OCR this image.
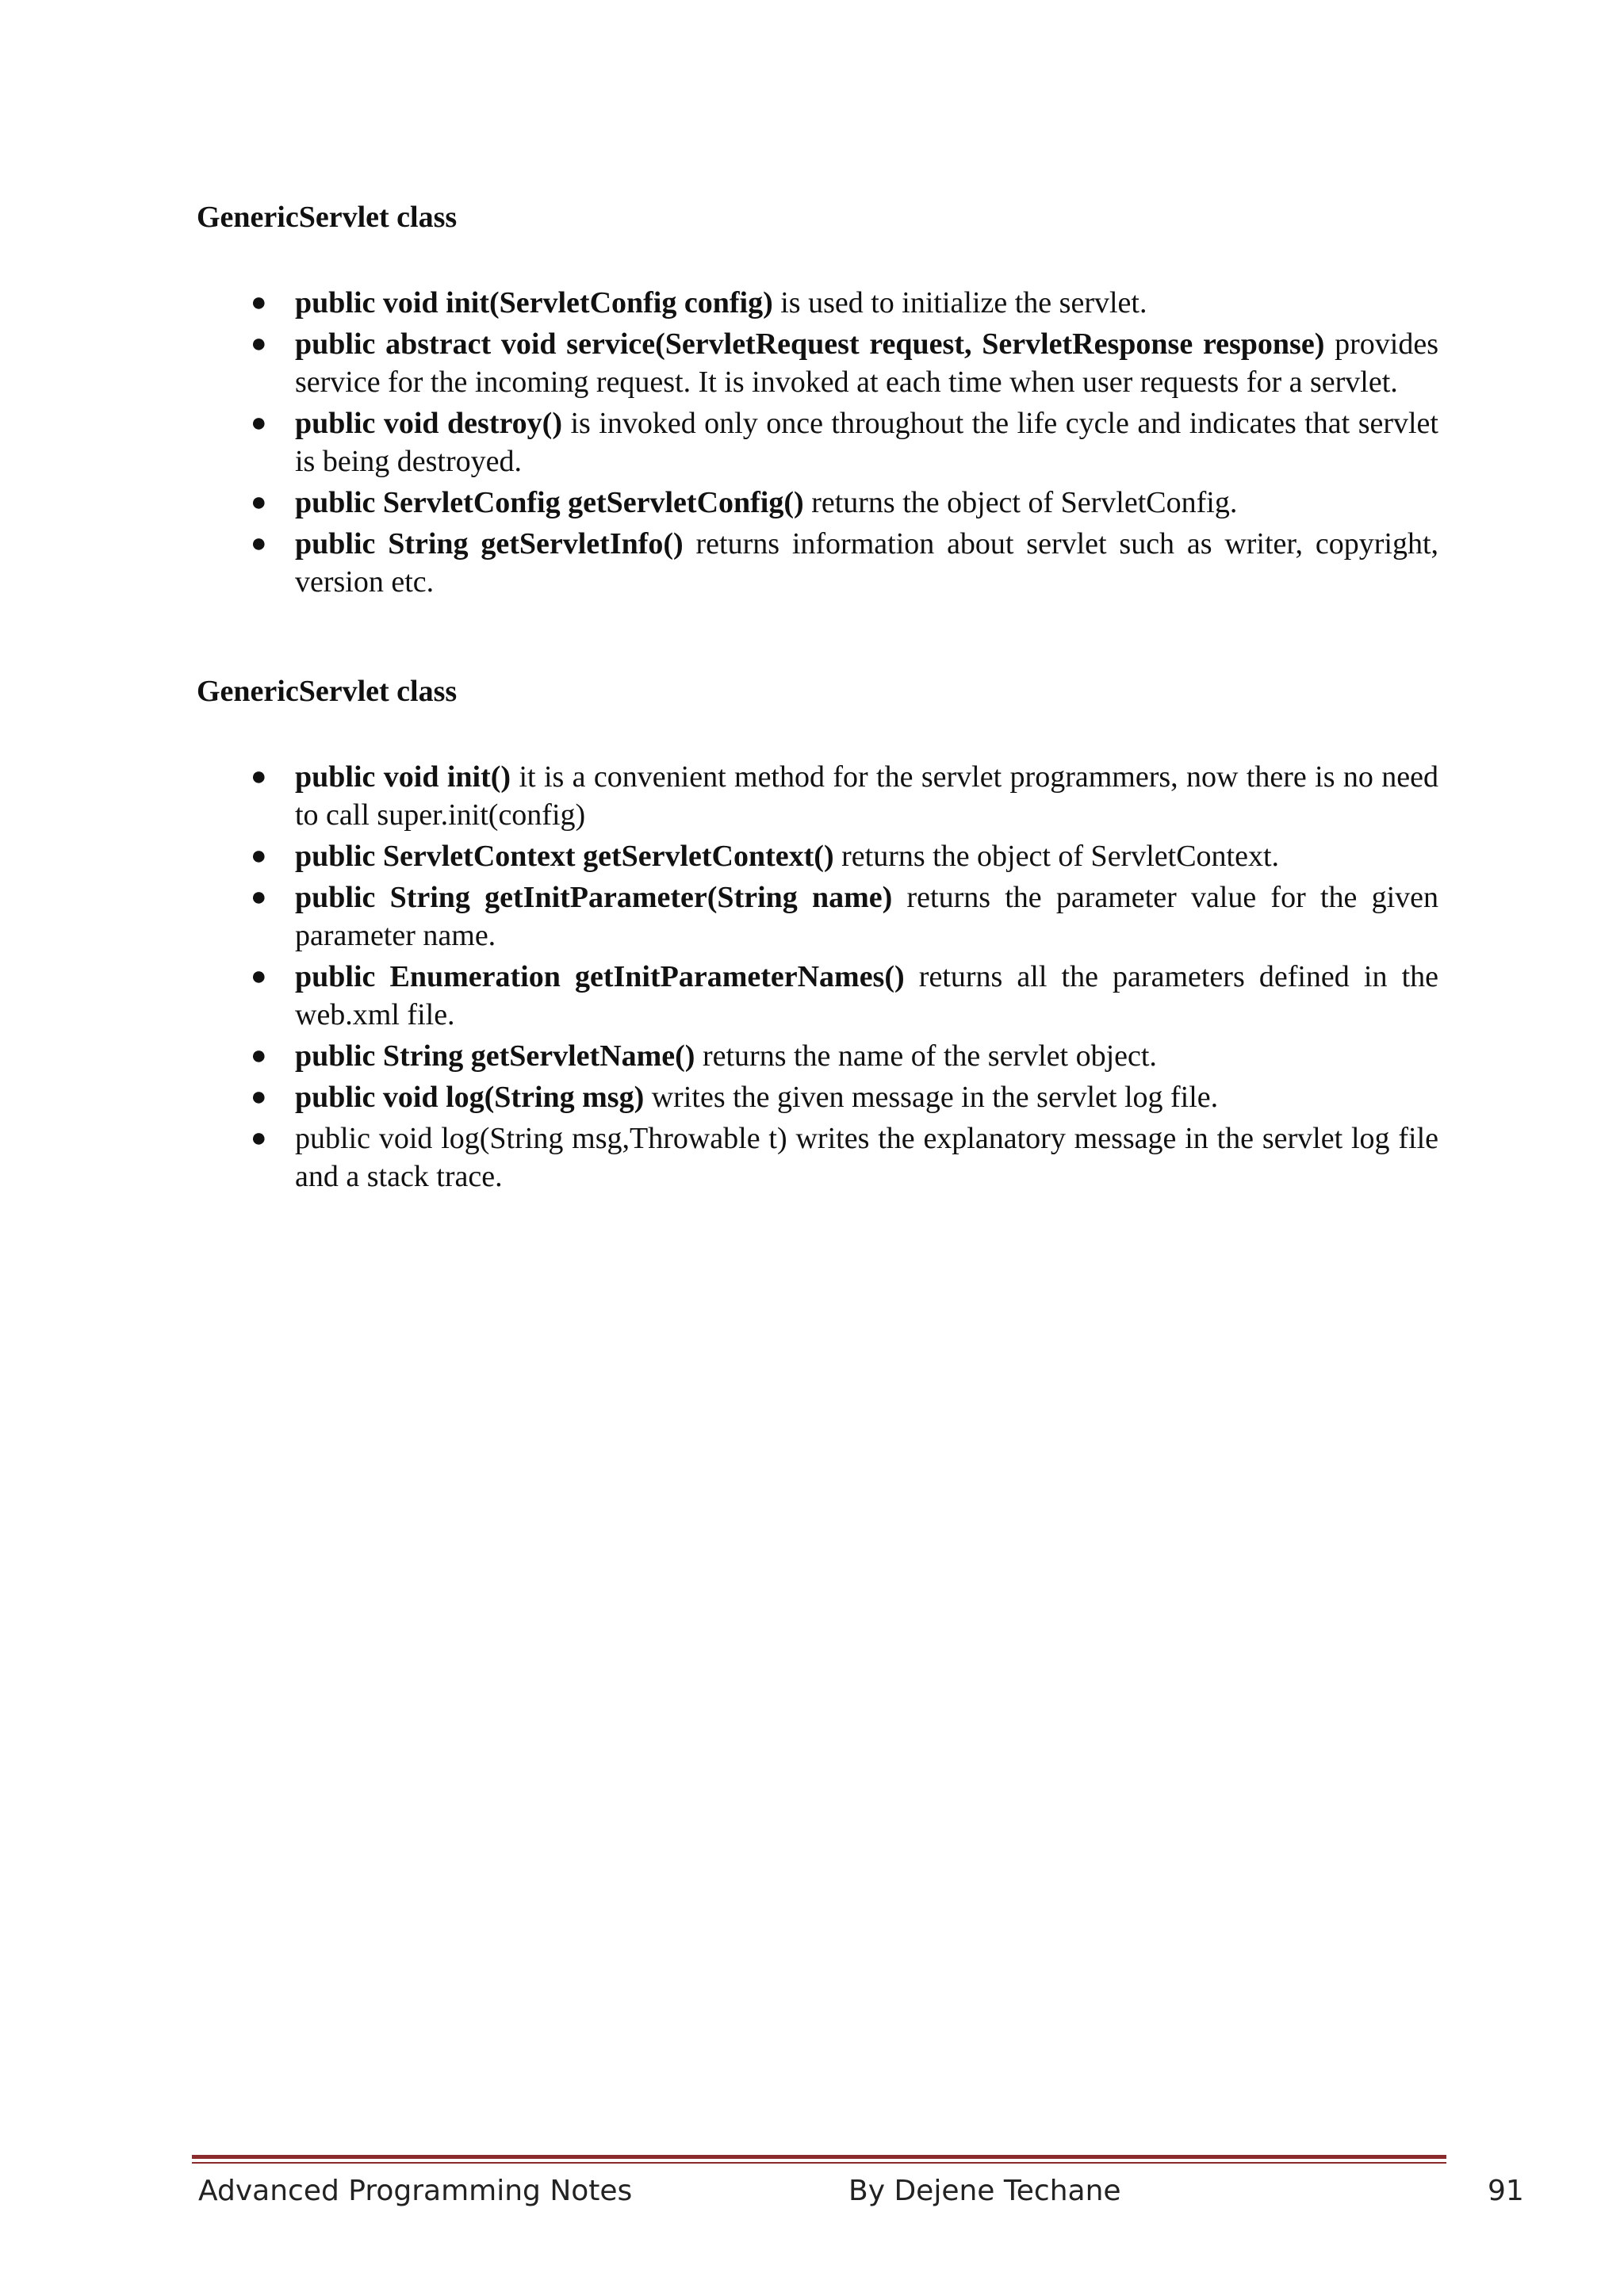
GenericServlet class
● public void init(ServletConfig config) is used to initialize the servlet.
● public abstract void service(ServletRequest request, ServletResponse response) provides service for the incoming request. It is invoked at each time when user requests for a servlet.
● public void destroy() is invoked only once throughout the life cycle and indicates that servlet is being destroyed.
● public ServletConfig getServletConfig() returns the object of ServletConfig.
● public String getServletInfo() returns information about servlet such as writer, copyright, version etc.
GenericServlet class
● public void init() it is a convenient method for the servlet programmers, now there is no need to call super.init(config)
● public ServletContext getServletContext() returns the object of ServletContext.
● public String getInitParameter(String name) returns the parameter value for the given parameter name.
● public Enumeration getInitParameterNames() returns all the parameters defined in the web.xml file.
● public String getServletName() returns the name of the servlet object.
● public void log(String msg) writes the given message in the servlet log file.
● public void log(String msg,Throwable t) writes the explanatory message in the servlet log file and a stack trace.
Advanced Programming Notes	By Dejene Techane	91
